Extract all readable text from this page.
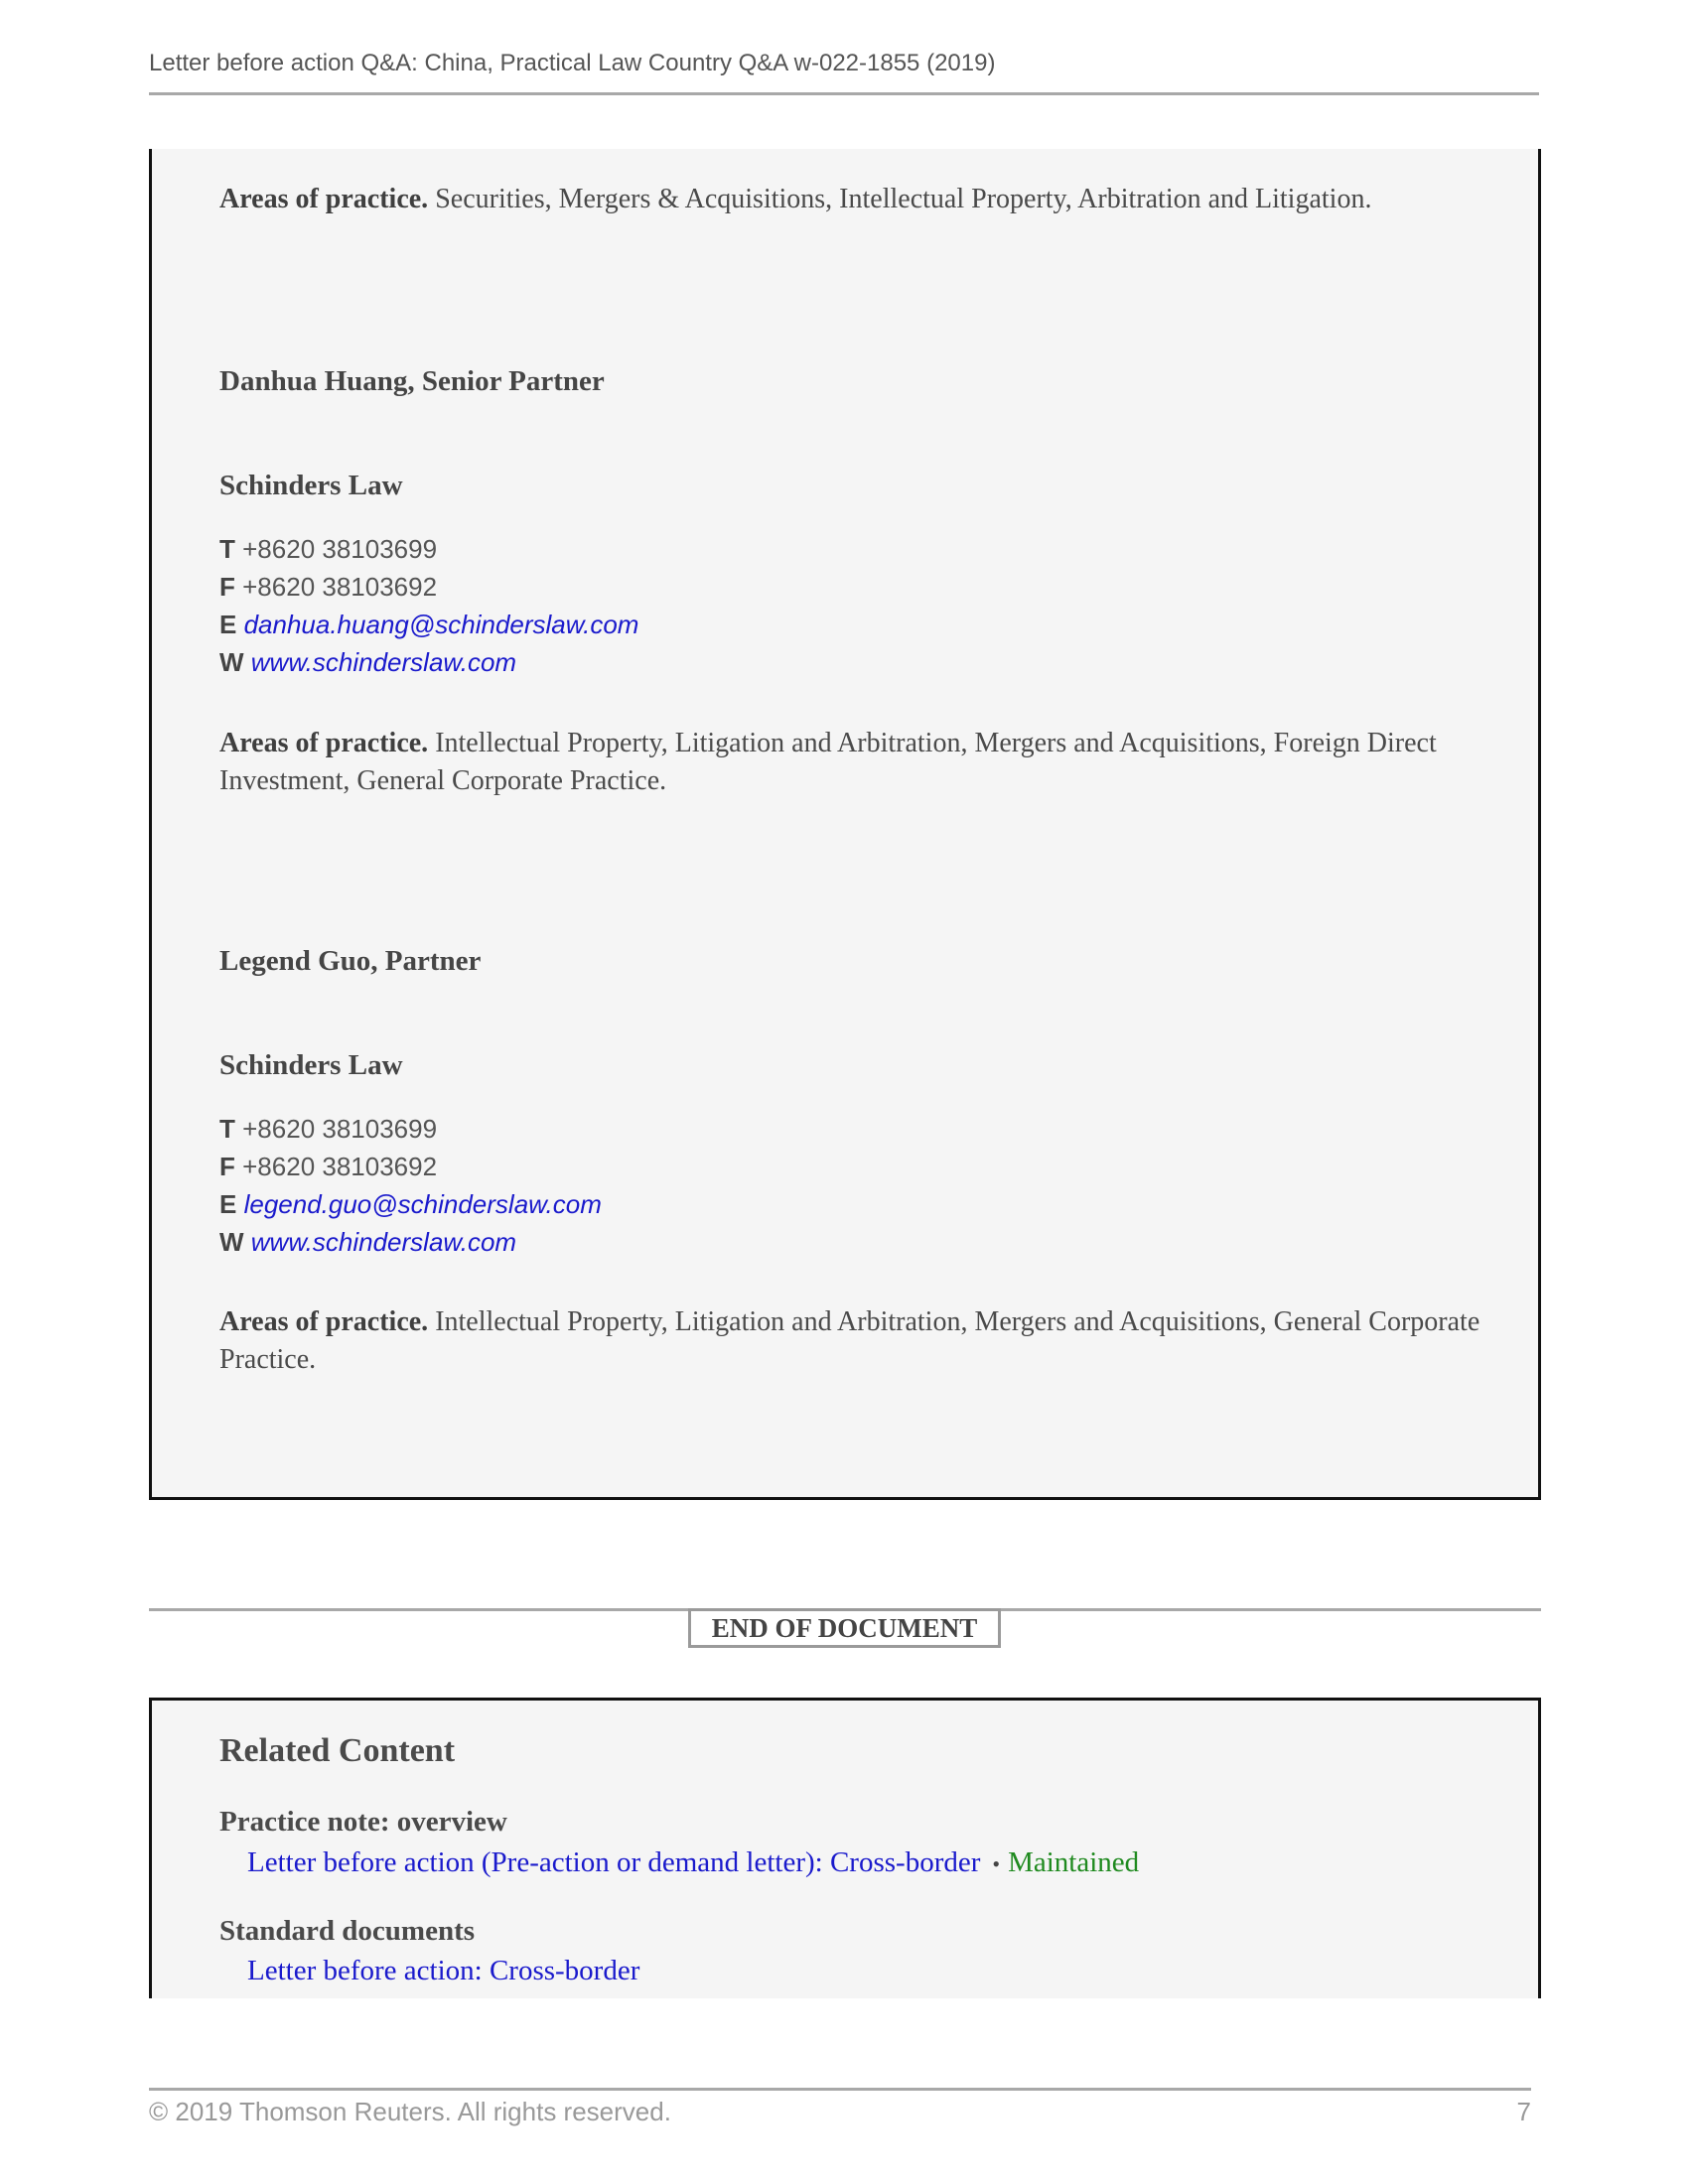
Letter before action Q&A: China, Practical Law Country Q&A w-022-1855 (2019)
Areas of practice. Securities, Mergers & Acquisitions, Intellectual Property, Arbitration and Litigation.
Danhua Huang, Senior Partner
Schinders Law
T +8620 38103699
F +8620 38103692
E danhua.huang@schinderslaw.com
W www.schinderslaw.com
Areas of practice. Intellectual Property, Litigation and Arbitration, Mergers and Acquisitions, Foreign Direct Investment, General Corporate Practice.
Legend Guo, Partner
Schinders Law
T +8620 38103699
F +8620 38103692
E legend.guo@schinderslaw.com
W www.schinderslaw.com
Areas of practice. Intellectual Property, Litigation and Arbitration, Mergers and Acquisitions, General Corporate Practice.
END OF DOCUMENT
Related Content
Practice note: overview
Letter before action (Pre-action or demand letter): Cross-border • Maintained
Standard documents
Letter before action: Cross-border
© 2019 Thomson Reuters. All rights reserved.	7
